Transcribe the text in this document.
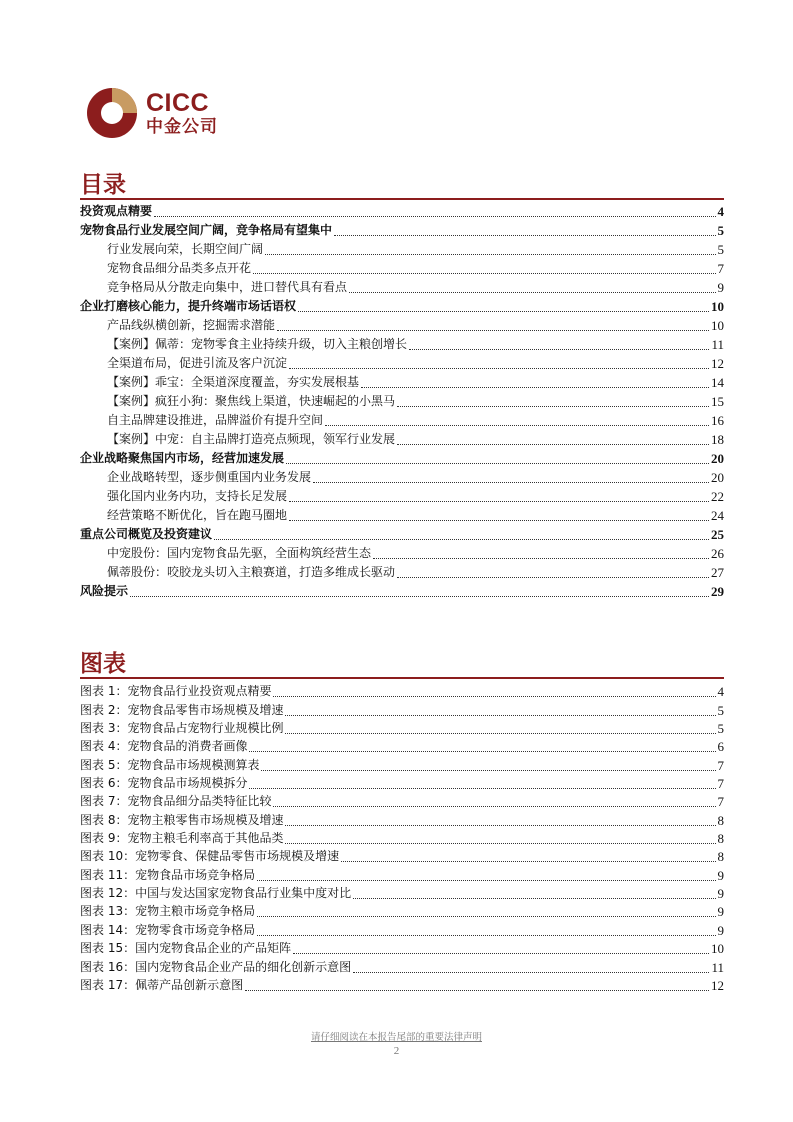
CICC
中金公司
目录
投资观点精要	4
宠物食品行业发展空间广阔，竞争格局有望集中	5
行业发展向荣，长期空间广阔	5
宠物食品细分品类多点开花	7
竞争格局从分散走向集中，进口替代具有看点	9
企业打磨核心能力，提升终端市场话语权	10
产品线纵横创新，挖掘需求潜能	10
【案例】佩蒂：宠物零食主业持续升级，切入主粮创增长	11
全渠道布局，促进引流及客户沉淀	12
【案例】乖宝：全渠道深度覆盖，夯实发展根基	14
【案例】疯狂小狗：聚焦线上渠道，快速崛起的小黑马	15
自主品牌建设推进，品牌溢价有提升空间	16
【案例】中宠：自主品牌打造亮点频现，领军行业发展	18
企业战略聚焦国内市场，经营加速发展	20
企业战略转型，逐步侧重国内业务发展	20
强化国内业务内功，支持长足发展	22
经营策略不断优化，旨在跑马圈地	24
重点公司概览及投资建议	25
中宠股份：国内宠物食品先驱，全面构筑经营生态	26
佩蒂股份：咬胶龙头切入主粮赛道，打造多维成长驱动	27
风险提示	29
图表
图表 1：宠物食品行业投资观点精要	4
图表 2：宠物食品零售市场规模及增速	5
图表 3：宠物食品占宠物行业规模比例	5
图表 4：宠物食品的消费者画像	6
图表 5：宠物食品市场规模测算表	7
图表 6：宠物食品市场规模拆分	7
图表 7：宠物食品细分品类特征比较	7
图表 8：宠物主粮零售市场规模及增速	8
图表 9：宠物主粮毛利率高于其他品类	8
图表 10：宠物零食、保健品零售市场规模及增速	8
图表 11：宠物食品市场竞争格局	9
图表 12：中国与发达国家宠物食品行业集中度对比	9
图表 13：宠物主粮市场竞争格局	9
图表 14：宠物零食市场竞争格局	9
图表 15：国内宠物食品企业的产品矩阵	10
图表 16：国内宠物食品企业产品的细化创新示意图	11
图表 17：佩蒂产品创新示意图	12
请仔细阅读在本报告尾部的重要法律声明
2
